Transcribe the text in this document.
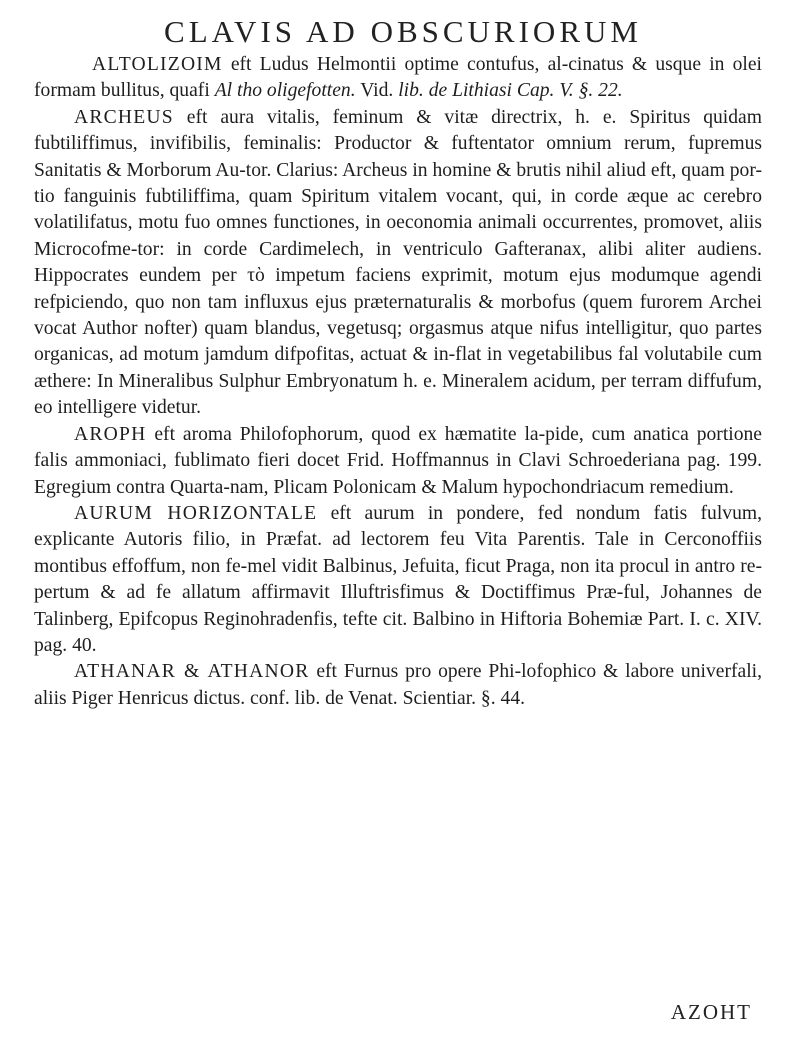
CLAVIS AD OBSCURIORUM

ALTOLIZOIM eft Ludus Helmontii optime contufus, al-cinatus & usque in olei formam bullitus, quafi Al tho oligefotten. Vid. lib. de Lithiasi Cap. V. §. 22.

ARCHEUS eft aura vitalis, feminum & vitæ directrix, h. e. Spiritus quidam fubtiliffimus, invifibilis, feminalis: Productor & fuftentator omnium rerum, fupremus Sanitatis & Morborum Au-tor. Clarius: Archeus in homine & brutis nihil aliud eft, quam por-tio fanguinis fubtiliffima, quam Spiritum vitalem vocant, qui, in corde æque ac cerebro volatilifatus, motu fuo omnes functiones, in oeconomia animali occurrentes, promovet, aliis Microcofme-tor: in corde Cardimelech, in ventriculo Gafteranax, alibi aliter audiens. Hippocrates eundem per τὸ impetum faciens exprimit, motum ejus modumque agendi refpiciendo, quo non tam influxus ejus præternaturalis & morbofus (quem furorem Archei vocat Author nofter) quam blandus, vegetusq; orgasmus atque nifus intelligitur, quo partes organicas, ad motum jamdum difpofitas, actuat & in-flat in vegetabilibus fal volutabile cum æthere: In Mineralibus Sulphur Embryonatum h. e. Mineralem acidum, per terram diffufum, eo intelligere videtur.

AROPH eft aroma Philofophorum, quod ex hæmatite la-pide, cum anatica portione falis ammoniaci, fublimato fieri docet Frid. Hoffmannus in Clavi Schroederiana pag. 199. Egregium contra Quarta-nam, Plicam Polonicam & Malum hypochondriacum remedium.

AURUM HORIZONTALE eft aurum in pondere, fed nondum fatis fulvum, explicante Autoris filio, in Præfat. ad lectorem feu Vita Parentis. Tale in Cerconoffiis montibus effoffum, non fe-mel vidit Balbinus, Jefuita, ficut Praga, non ita procul in antro re-pertum & ad fe allatum affirmavit Illuftrisfimus & Doctiffimus Præ-ful, Johannes de Talinberg, Epifcopus Reginohradenfis, tefte cit. Balbino in Hiftoria Bohemiæ Part. I. c. XIV. pag. 40.

ATHANAR & ATHANOR eft Furnus pro opere Phi-lofophico & labore univerfali, aliis Piger Henricus dictus. conf. lib. de Venat. Scientiar. §. 44.

AZOHT
